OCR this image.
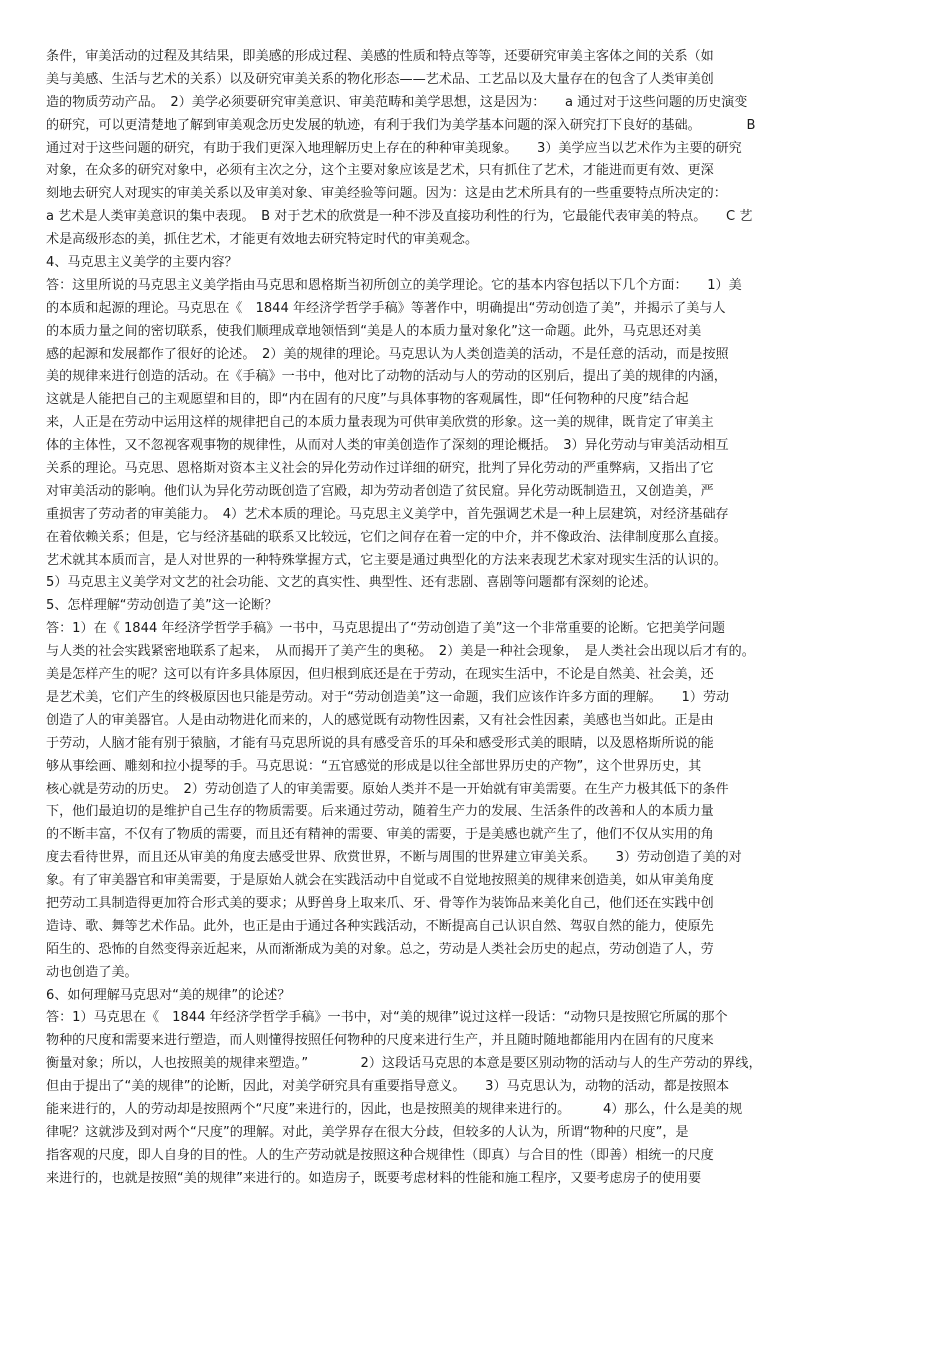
条件，审美活动的过程及其结果，即美感的形成过程、美感的性质和特点等等，还要研究审美主客体之间的关系（如
美与美感、生活与艺术的关系）以及研究审美关系的物化形态——艺术品、工艺品以及大量存在的包含了人类审美创
造的物质劳动产品。　2）美学必须要研究审美意识、审美范畴和美学思想，这是因为：　　a 通过对于这些问题的历史演变
的研究，可以更清楚地了解到审美观念历史发展的轨迹，有利于我们为美学基本问题的深入研究打下良好的基础。　　　　B
通过对于这些问题的研究，有助于我们更深入地理解历史上存在的种种审美现象。　　3）美学应当以艺术作为主要的研究
对象，在众多的研究对象中，必须有主次之分，这个主要对象应该是艺术，只有抓住了艺术，才能进而更有效、更深
刻地去研究人对现实的审美关系以及审美对象、审美经验等问题。因为：这是由艺术所具有的一些重要特点所决定的：
a 艺术是人类审美意识的集中表现。　B 对于艺术的欣赏是一种不涉及直接功利性的行为，它最能代表审美的特点。　　C 艺
术是高级形态的美，抓住艺术，才能更有效地去研究特定时代的审美观念。
4、马克思主义美学的主要内容？
答：这里所说的马克思主义美学指由马克思和恩格斯当初所创立的美学理论。它的基本内容包括以下几个方面：　　1）美
的本质和起源的理论。马克思在《　1844 年经济学哲学手稿》等著作中，明确提出“劳动创造了美”，并揭示了美与人
的本质力量之间的密切联系，使我们顺理成章地领悟到“美是人的本质力量对象化”这一命题。此外，马克思还对美
感的起源和发展都作了很好的论述。　2）美的规律的理论。马克思认为人类创造美的活动，不是任意的活动，而是按照
美的规律来进行创造的活动。在《手稿》一书中，他对比了动物的活动与人的劳动的区别后，提出了美的规律的内涵，
这就是人能把自己的主观愿望和目的，即“内在固有的尺度”与具体事物的客观属性，即“任何物种的尺度”结合起
来，人正是在劳动中运用这样的规律把自己的本质力量表现为可供审美欣赏的形象。这一美的规律，既肯定了审美主
体的主体性，又不忽视客观事物的规律性，从而对人类的审美创造作了深刻的理论概括。　3）异化劳动与审美活动相互
关系的理论。马克思、恩格斯对资本主义社会的异化劳动作过详细的研究，批判了异化劳动的严重弊病，又指出了它
对审美活动的影响。他们认为异化劳动既创造了宫殿，却为劳动者创造了贫民窟。异化劳动既制造丑，又创造美，严
重损害了劳动者的审美能力。　4）艺术本质的理论。马克思主义美学中，首先强调艺术是一种上层建筑，对经济基础存
在着依赖关系；但是，它与经济基础的联系又比较远，它们之间存在着一定的中介，并不像政治、法律制度那么直接。
艺术就其本质而言，是人对世界的一种特殊掌握方式，它主要是通过典型化的方法来表现艺术家对现实生活的认识的。
5）马克思主义美学对文艺的社会功能、文艺的真实性、典型性、还有悲剧、喜剧等问题都有深刻的论述。
5、怎样理解“劳动创造了美”这一论断？
答：1）在《 1844 年经济学哲学手稿》一书中，马克思提出了“劳动创造了美”这一个非常重要的论断。它把美学问题
与人类的社会实践紧密地联系了起来，　从而揭开了美产生的奥秘。　2）美是一种社会现象，　是人类社会出现以后才有的。
美是怎样产生的呢？这可以有许多具体原因，但归根到底还是在于劳动，在现实生活中，不论是自然美、社会美，还
是艺术美，它们产生的终极原因也只能是劳动。对于“劳动创造美”这一命题，我们应该作许多方面的理解。　　1）劳动
创造了人的审美器官。人是由动物进化而来的，人的感觉既有动物性因素，又有社会性因素，美感也当如此。正是由
于劳动，人脑才能有别于猿脑，才能有马克思所说的具有感受音乐的耳朵和感受形式美的眼睛，以及恩格斯所说的能
够从事绘画、雕刻和拉小提琴的手。马克思说：“五官感觉的形成是以往全部世界历史的产物”，这个世界历史，其
核心就是劳动的历史。　2）劳动创造了人的审美需要。原始人类并不是一开始就有审美需要。在生产力极其低下的条件
下，他们最迫切的是维护自己生存的物质需要。后来通过劳动，随着生产力的发展、生活条件的改善和人的本质力量
的不断丰富，不仅有了物质的需要，而且还有精神的需要、审美的需要，于是美感也就产生了，他们不仅从实用的角
度去看待世界，而且还从审美的角度去感受世界、欣赏世界，不断与周围的世界建立审美关系。　　3）劳动创造了美的对
象。有了审美器官和审美需要，于是原始人就会在实践活动中自觉或不自觉地按照美的规律来创造美，如从审美角度
把劳动工具制造得更加符合形式美的要求；从野兽身上取来爪、牙、骨等作为装饰品来美化自己，他们还在实践中创
造诗、歌、舞等艺术作品。此外，也正是由于通过各种实践活动，不断提高自己认识自然、驾驭自然的能力，使原先
陌生的、恐怖的自然变得亲近起来，从而渐渐成为美的对象。总之，劳动是人类社会历史的起点，劳动创造了人，劳
动也创造了美。
6、如何理解马克思对“美的规律”的论述？
答：1）马克思在《　1844 年经济学哲学手稿》一书中，对“美的规律”说过这样一段话：“动物只是按照它所属的那个
物种的尺度和需要来进行塑造，而人则懂得按照任何物种的尺度来进行生产，并且随时随地都能用内在固有的尺度来
衡量对象；所以，人也按照美的规律来塑造。”　　　　2）这段话马克思的本意是要区别动物的活动与人的生产劳动的界线，
但由于提出了“美的规律”的论断，因此，对美学研究具有重要指导意义。　　3）马克思认为，动物的活动，都是按照本
能来进行的，人的劳动却是按照两个“尺度”来进行的，因此，也是按照美的规律来进行的。　　　4）那么，什么是美的规
律呢？这就涉及到对两个“尺度”的理解。对此，美学界存在很大分歧，但较多的人认为，所谓“物种的尺度”，是
指客观的尺度，即人自身的目的性。人的生产劳动就是按照这种合规律性（即真）与合目的性（即善）相统一的尺度
来进行的，也就是按照“美的规律”来进行的。如造房子，既要考虑材料的性能和施工程序，又要考虑房子的使用要
